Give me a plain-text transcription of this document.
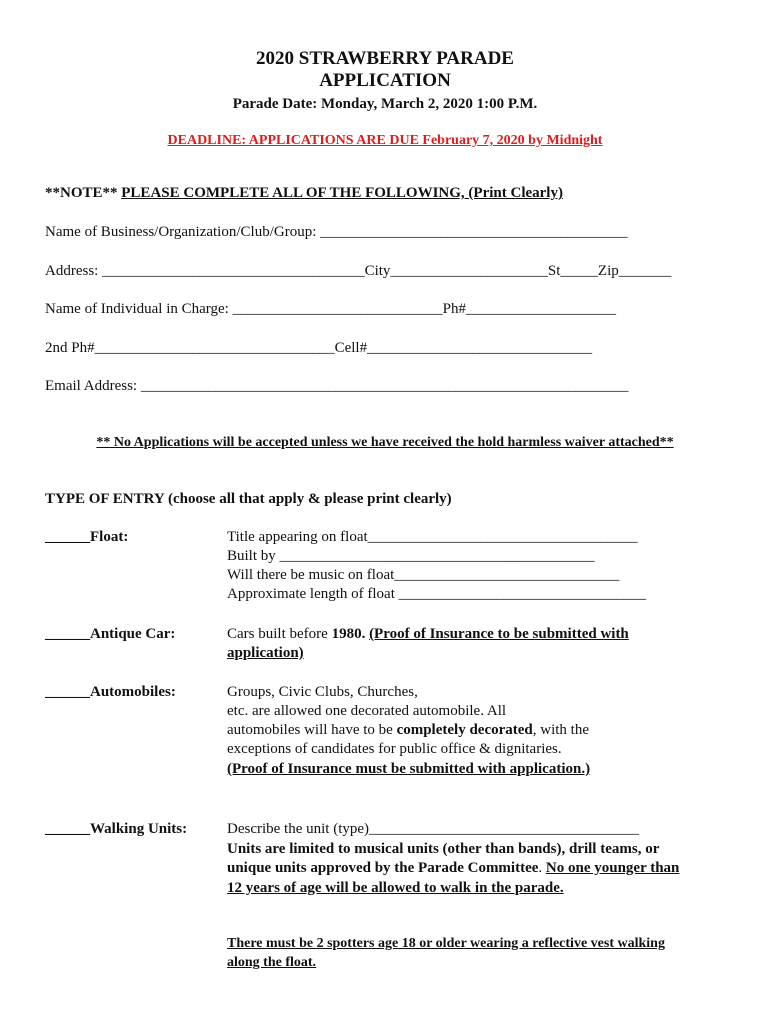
2020 STRAWBERRY PARADE
APPLICATION
Parade Date: Monday, March 2, 2020 1:00 P.M.
DEADLINE: APPLICATIONS ARE DUE February 7, 2020 by Midnight
**NOTE** PLEASE COMPLETE ALL OF THE FOLLOWING, (Print Clearly)
Name of Business/Organization/Club/Group: _________________________________________
Address: ___________________________________City_____________________St_____Zip_______
Name of Individual in Charge: ____________________________Ph#____________________
2nd Ph#________________________________Cell#______________________________
Email Address: _________________________________________________________________
** No Applications will be accepted unless we have received the hold harmless waiver attached**
TYPE OF ENTRY (choose all that apply & please print clearly)
______Float:	Title appearing on float____________________________________
Built by __________________________________________
Will there be music on float______________________________
Approximate length of float _________________________________
______Antique Car:	Cars built before 1980. (Proof of Insurance to be submitted with
application)
______Automobiles:	Groups, Civic Clubs, Churches,
etc. are allowed one decorated automobile. All
automobiles will have to be completely decorated, with the
exceptions of candidates for public office & dignitaries.
(Proof of Insurance must be submitted with application.)
______Walking Units:	Describe the unit (type)____________________________________
Units are limited to musical units (other than bands), drill teams, or
unique units approved by the Parade Committee. No one younger than
12 years of age will be allowed to walk in the parade.
There must be 2 spotters age 18 or older wearing a reflective vest walking
along the float.
